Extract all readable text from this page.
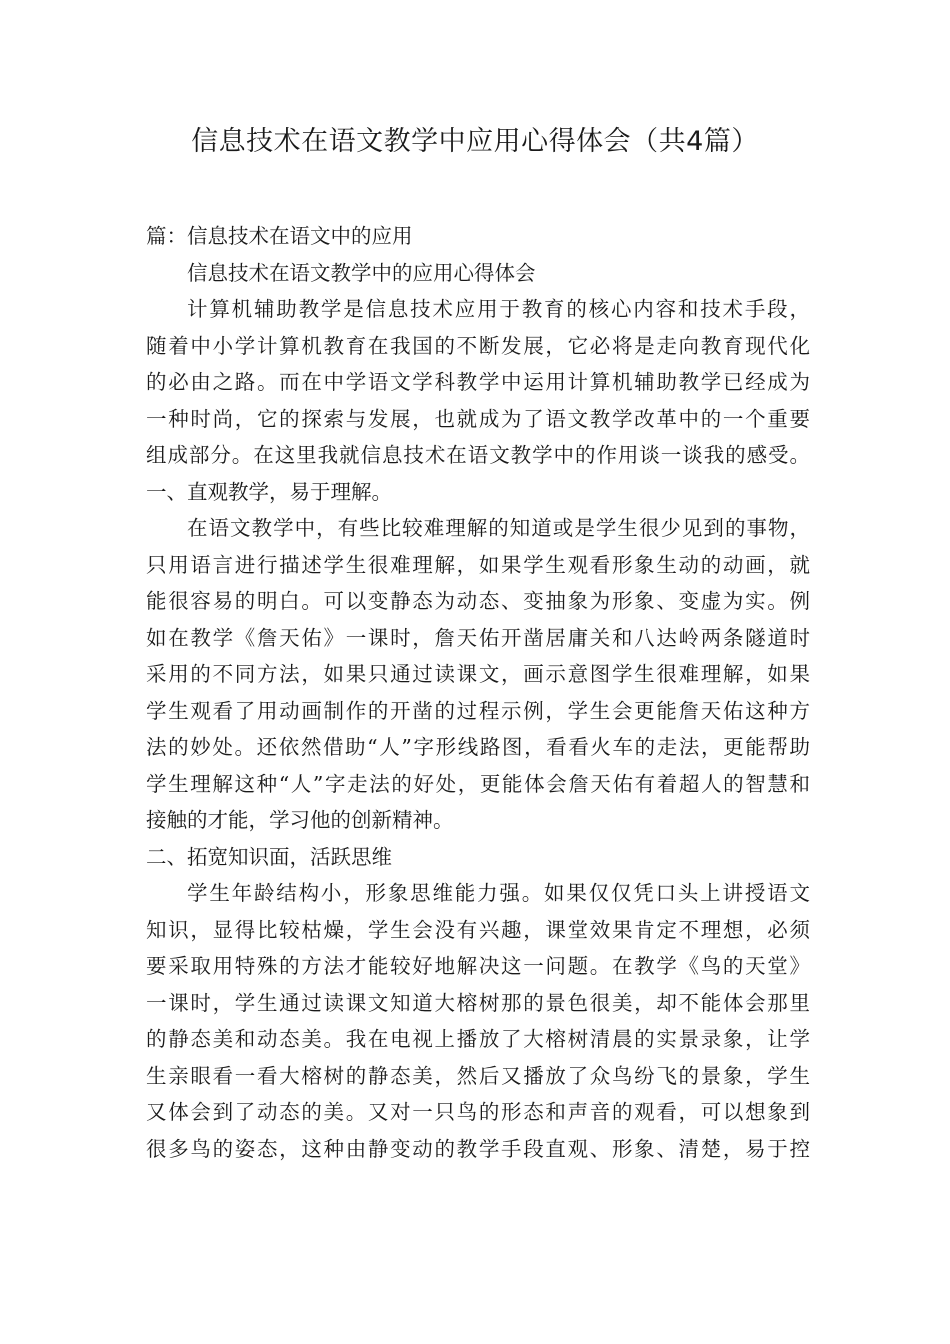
信息技术在语文教学中应用心得体会（共4篇）
篇：信息技术在语文中的应用
信息技术在语文教学中的应用心得体会
计算机辅助教学是信息技术应用于教育的核心内容和技术手段，
随着中小学计算机教育在我国的不断发展，它必将是走向教育现代化
的必由之路。而在中学语文学科教学中运用计算机辅助教学已经成为
一种时尚，它的探索与发展，也就成为了语文教学改革中的一个重要
组成部分。在这里我就信息技术在语文教学中的作用谈一谈我的感受。
一、直观教学，易于理解。
在语文教学中，有些比较难理解的知道或是学生很少见到的事物，
只用语言进行描述学生很难理解，如果学生观看形象生动的动画，就
能很容易的明白。可以变静态为动态、变抽象为形象、变虚为实。例
如在教学《詹天佑》一课时，詹天佑开凿居庸关和八达岭两条隧道时
采用的不同方法，如果只通过读课文，画示意图学生很难理解，如果
学生观看了用动画制作的开凿的过程示例，学生会更能詹天佑这种方
法的妙处。还依然借助“人”字形线路图，看看火车的走法，更能帮助
学生理解这种“人”字走法的好处，更能体会詹天佑有着超人的智慧和
接触的才能，学习他的创新精神。
二、拓宽知识面，活跃思维
学生年龄结构小，形象思维能力强。如果仅仅凭口头上讲授语文
知识，显得比较枯燥，学生会没有兴趣，课堂效果肯定不理想，必须
要采取用特殊的方法才能较好地解决这一问题。在教学《鸟的天堂》
一课时，学生通过读课文知道大榕树那的景色很美，却不能体会那里
的静态美和动态美。我在电视上播放了大榕树清晨的实景录象，让学
生亲眼看一看大榕树的静态美，然后又播放了众鸟纷飞的景象，学生
又体会到了动态的美。又对一只鸟的形态和声音的观看，可以想象到
很多鸟的姿态，这种由静变动的教学手段直观、形象、清楚，易于控
